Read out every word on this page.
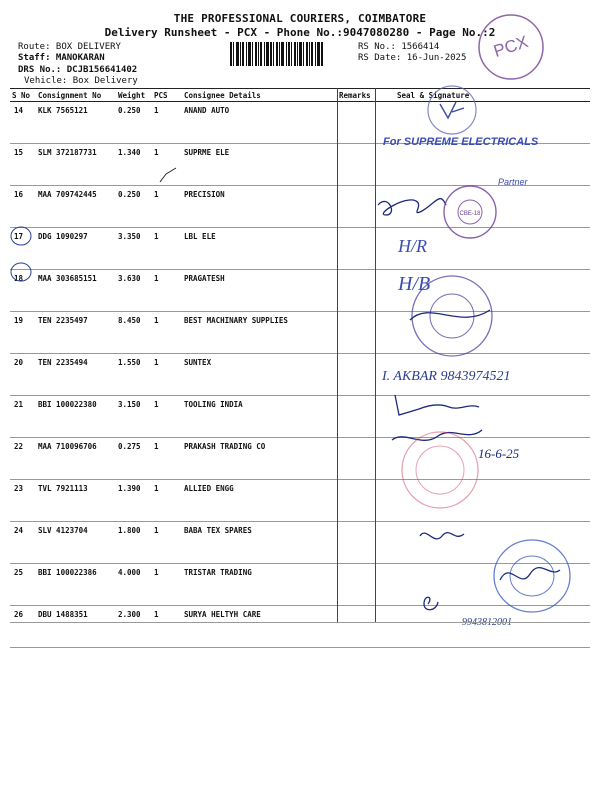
THE PROFESSIONAL COURIERS, COIMBATORE
Delivery Runsheet - PCX - Phone No.:9047080280 - Page No.:2
Route: BOX DELIVERY
Staff: MANOKARAN
DRS No.: DCJB156641402
Vehicle: Box Delivery
RS No.: 1566414
RS Date: 16-Jun-2025 PCX
S No	Consignment No	Weight	PCS	Consignee Details	Remarks	Seal & Signature
14	KLK 7565121	0.250	1	ANAND AUTO		
15	SLM 372187731	1.340	1	SUPRME ELE		
16	MAA 709742445	0.250	1	PRECISION		
17	DDG 1090297	3.350	1	LBL ELE		
18	MAA 303685151	3.630	1	PRAGATESH		
19	TEN 2235497	8.450	1	BEST MACHINARY SUPPLIES		
20	TEN 2235494	1.550	1	SUNTEX		
21	BBI 100022380	3.150	1	TOOLING INDIA		
22	MAA 710096706	0.275	1	PRAKASH TRADING CO		
23	TVL 7921113	1.390	1	ALLIED ENGG		
24	SLV 4123704	1.800	1	BABA TEX SPARES		
25	BBI 100022386	4.000	1	TRISTAR TRADING		
26	DBU 1488351	2.300	1	SURYA HELTYH CARE		
For SUPREME ELECTRICALS
Partner
CBE-18
H/R
H/B
I. AKBAR 9843974521
16-6-25
9943812001
